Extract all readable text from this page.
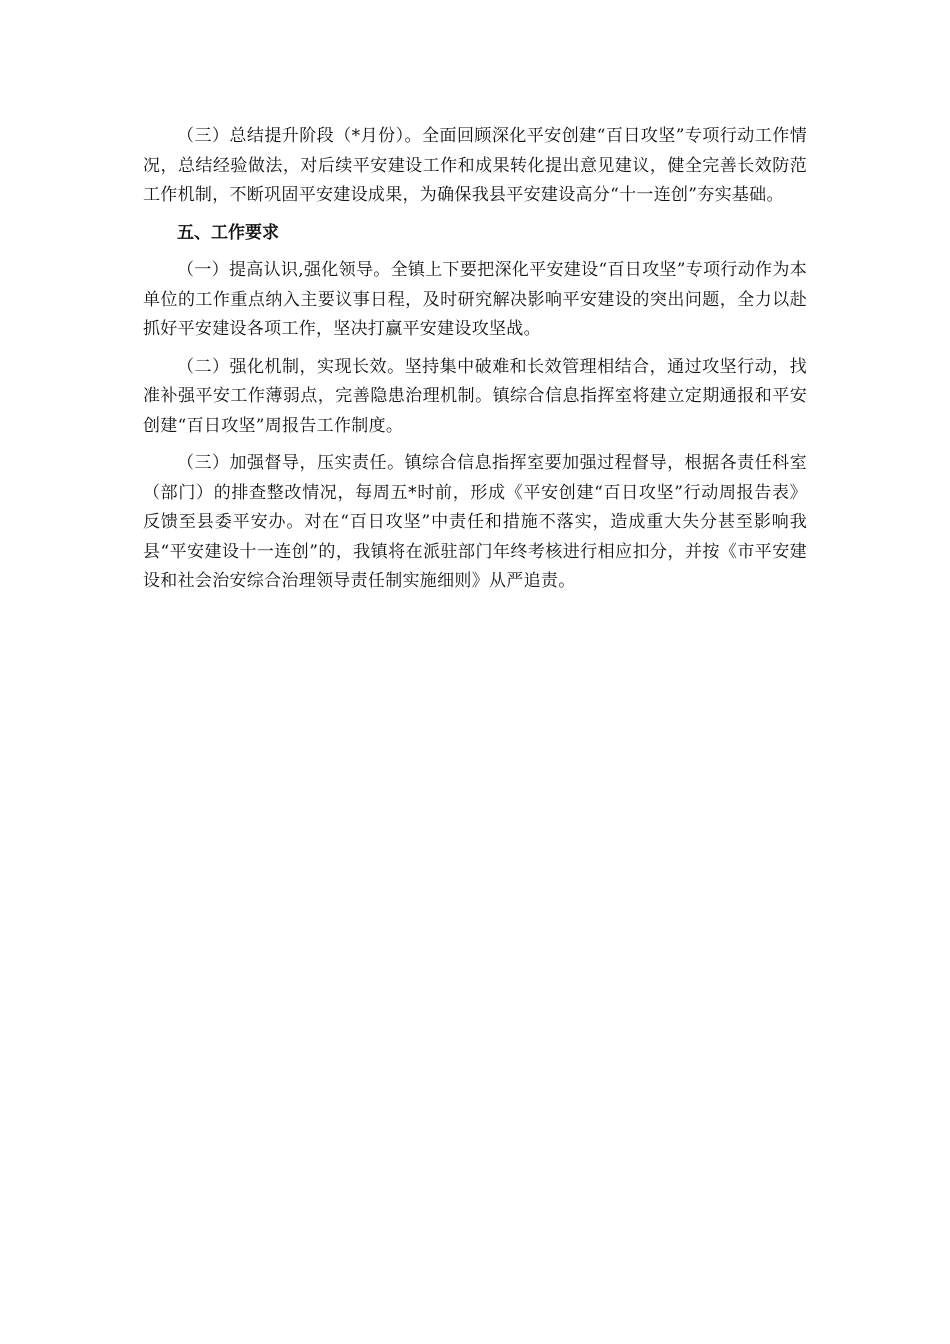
（三）总结提升阶段（*月份）。全面回顾深化平安创建“百日攻坚”专项行动工作情况，总结经验做法，对后续平安建设工作和成果转化提出意见建议，健全完善长效防范工作机制，不断巩固平安建设成果，为确保我县平安建设高分“十一连创”夯实基础。

五、工作要求

（一）提高认识,强化领导。全镇上下要把深化平安建设“百日攻坚”专项行动作为本单位的工作重点纳入主要议事日程，及时研究解决影响平安建设的突出问题，全力以赴抓好平安建设各项工作，坚决打赢平安建设攻坚战。

（二）强化机制，实现长效。坚持集中破难和长效管理相结合，通过攻坚行动，找准补强平安工作薄弱点，完善隐患治理机制。镇综合信息指挥室将建立定期通报和平安创建“百日攻坚”周报告工作制度。

（三）加强督导，压实责任。镇综合信息指挥室要加强过程督导，根据各责任科室（部门）的排查整改情况，每周五*时前，形成《平安创建“百日攻坚”行动周报告表》反馈至县委平安办。对在“百日攻坚”中责任和措施不落实，造成重大失分甚至影响我县“平安建设十一连创”的，我镇将在派驻部门年终考核进行相应扣分，并按《市平安建设和社会治安综合治理领导责任制实施细则》从严追责。
